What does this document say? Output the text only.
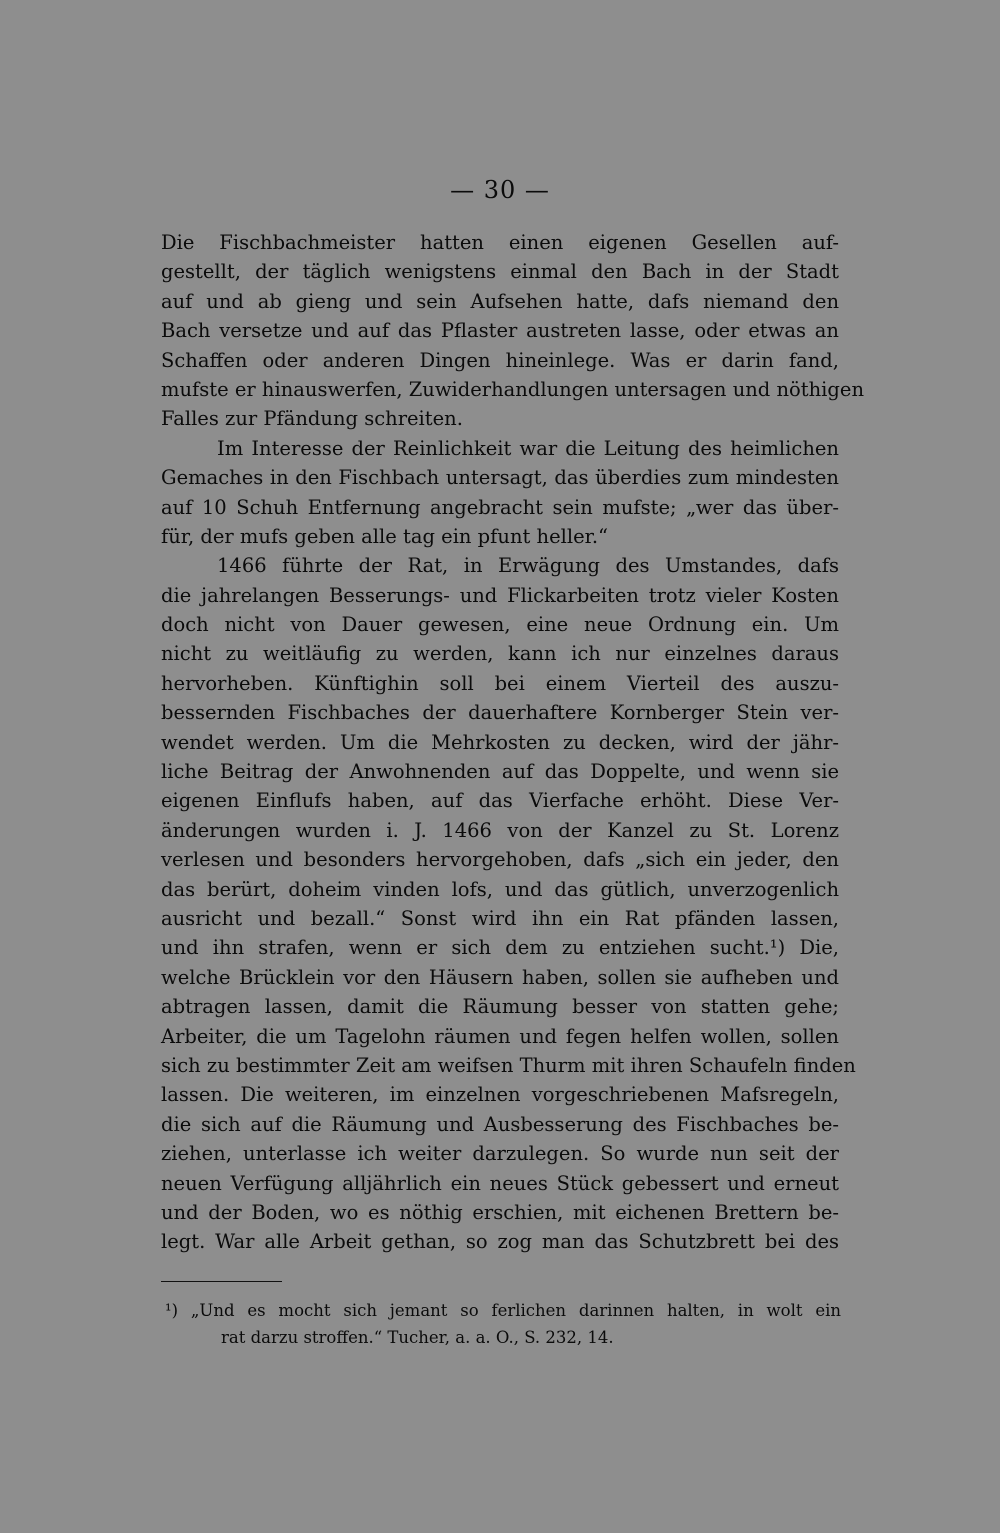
— 30 —
Die Fischbachmeister hatten einen eigenen Gesellen auf-
gestellt, der täglich wenigstens einmal den Bach in der Stadt
auf und ab gieng und sein Aufsehen hatte, dafs niemand den
Bach versetze und auf das Pflaster austreten lasse, oder etwas an
Schaffen oder anderen Dingen hineinlege. Was er darin fand,
mufste er hinauswerfen, Zuwiderhandlungen untersagen und nöthigen
Falles zur Pfändung schreiten.
Im Interesse der Reinlichkeit war die Leitung des heimlichen
Gemaches in den Fischbach untersagt, das überdies zum mindesten
auf 10 Schuh Entfernung angebracht sein mufste; „wer das über-
für, der mufs geben alle tag ein pfunt heller.“
1466 führte der Rat, in Erwägung des Umstandes, dafs
die jahrelangen Besserungs- und Flickarbeiten trotz vieler Kosten
doch nicht von Dauer gewesen, eine neue Ordnung ein. Um
nicht zu weitläufig zu werden, kann ich nur einzelnes daraus
hervorheben. Künftighin soll bei einem Vierteil des auszu-
bessernden Fischbaches der dauerhaftere Kornberger Stein ver-
wendet werden. Um die Mehrkosten zu decken, wird der jähr-
liche Beitrag der Anwohnenden auf das Doppelte, und wenn sie
eigenen Einflufs haben, auf das Vierfache erhöht. Diese Ver-
änderungen wurden i. J. 1466 von der Kanzel zu St. Lorenz
verlesen und besonders hervorgehoben, dafs „sich ein jeder, den
das berürt, doheim vinden lofs, und das gütlich, unverzogenlich
ausricht und bezall.“ Sonst wird ihn ein Rat pfänden lassen,
und ihn strafen, wenn er sich dem zu entziehen sucht.¹) Die,
welche Brücklein vor den Häusern haben, sollen sie aufheben und
abtragen lassen, damit die Räumung besser von statten gehe;
Arbeiter, die um Tagelohn räumen und fegen helfen wollen, sollen
sich zu bestimmter Zeit am weifsen Thurm mit ihren Schaufeln finden
lassen. Die weiteren, im einzelnen vorgeschriebenen Mafsregeln,
die sich auf die Räumung und Ausbesserung des Fischbaches be-
ziehen, unterlasse ich weiter darzulegen. So wurde nun seit der
neuen Verfügung alljährlich ein neues Stück gebessert und erneut
und der Boden, wo es nöthig erschien, mit eichenen Brettern be-
legt. War alle Arbeit gethan, so zog man das Schutzbrett bei des
¹) „Und es mocht sich jemant so ferlichen darinnen halten, in wolt ein
rat darzu stroffen.“ Tucher, a. a. O., S. 232, 14.
